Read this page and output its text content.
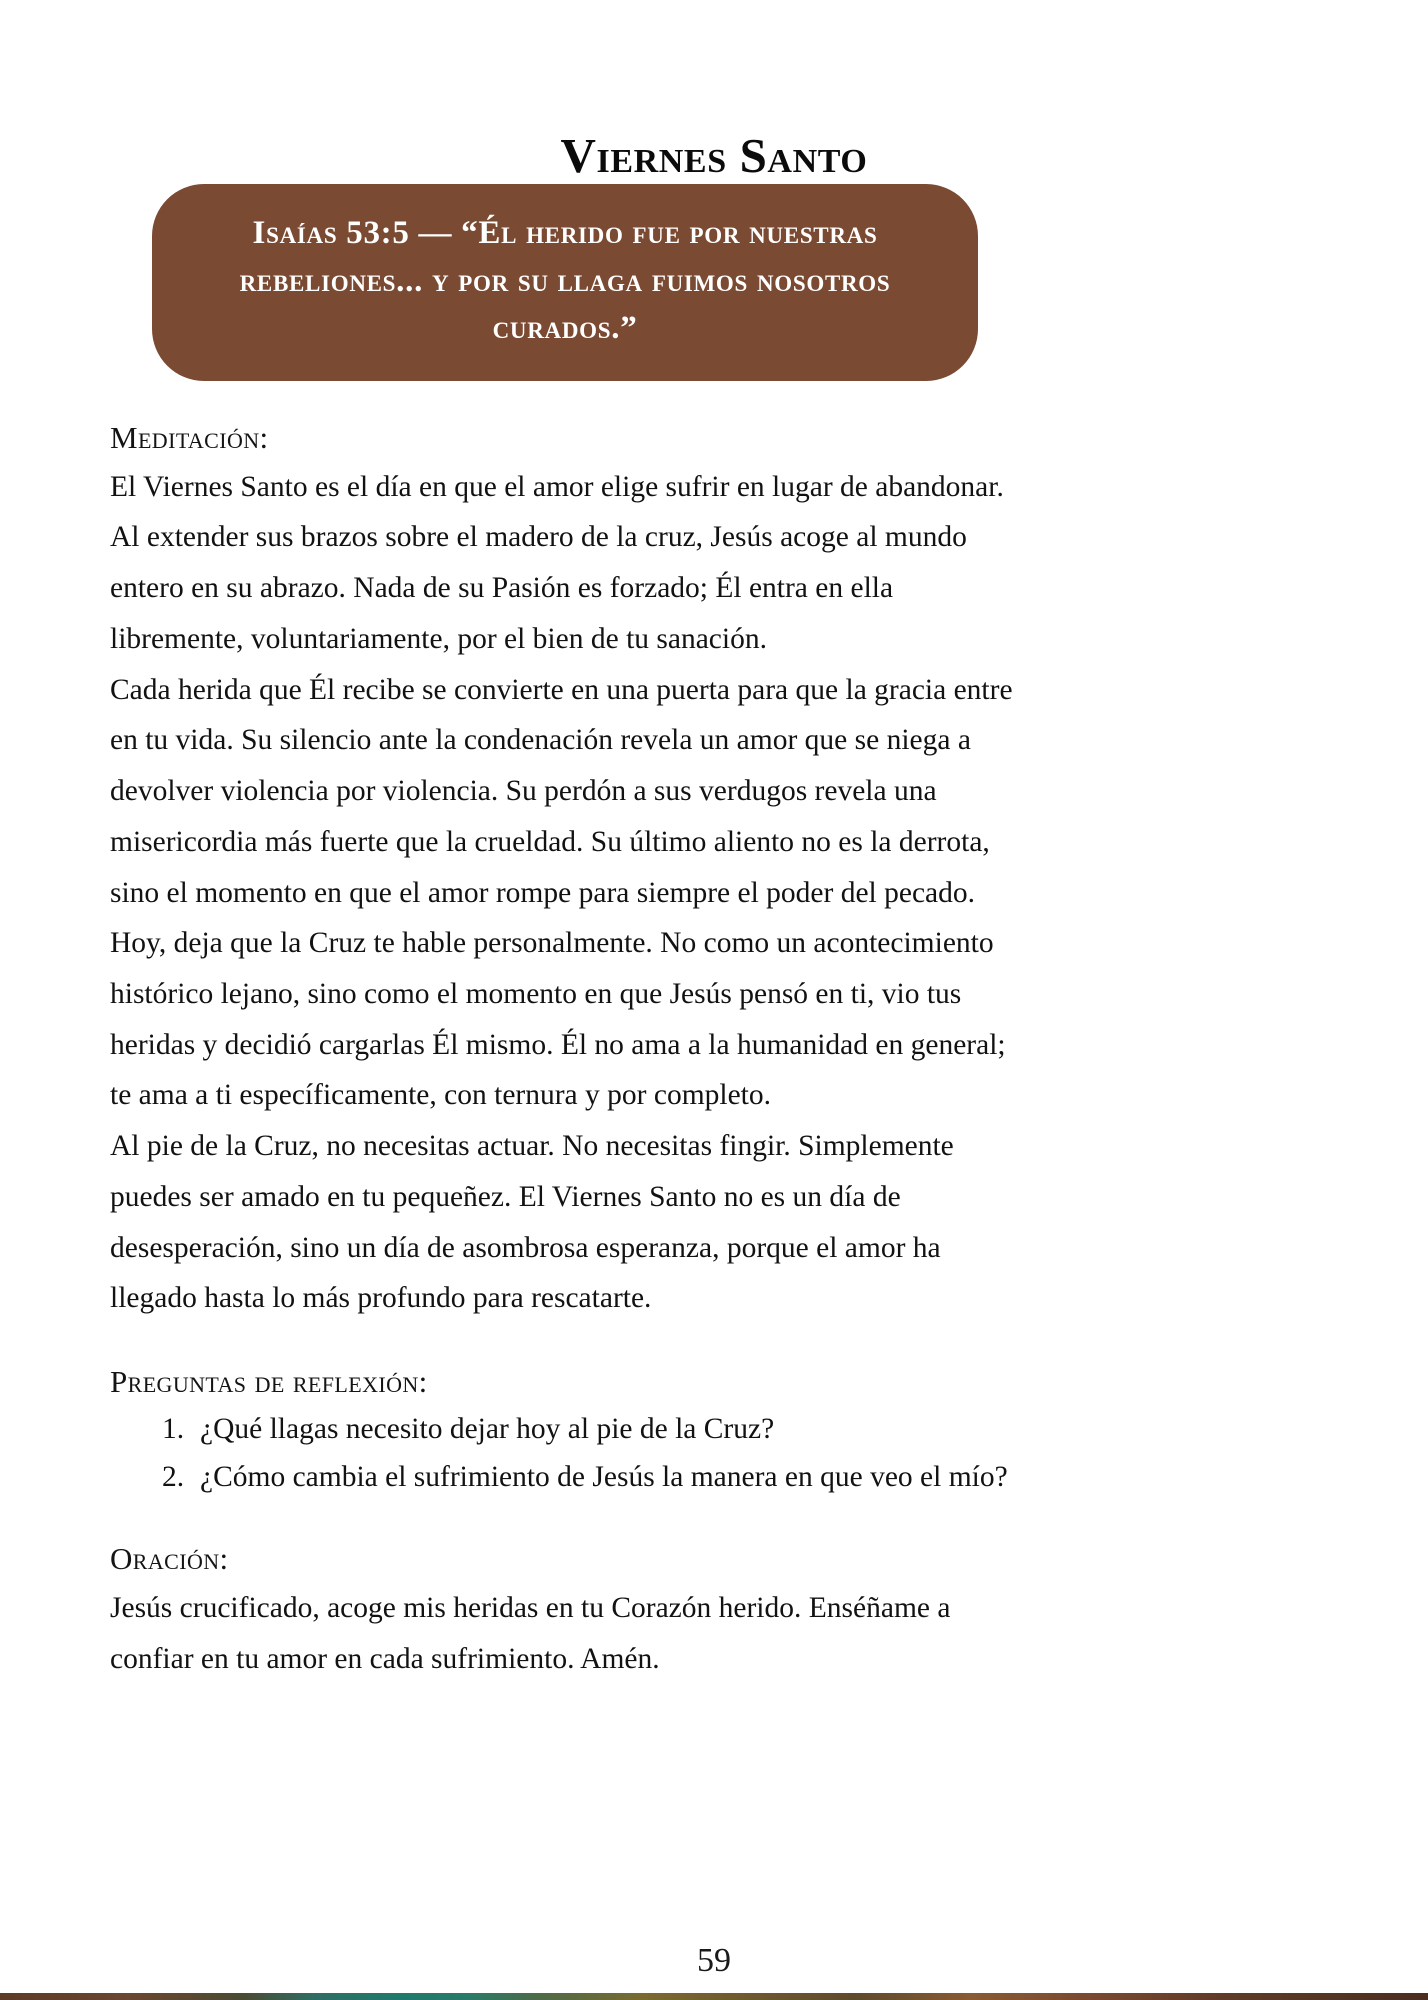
Viernes Santo

Isaías 53:5 — “Él herido fue por nuestras rebeliones... y por su llaga fuimos nosotros curados.”

Meditación:

El Viernes Santo es el día en que el amor elige sufrir en lugar de abandonar. Al extender sus brazos sobre el madero de la cruz, Jesús acoge al mundo entero en su abrazo. Nada de su Pasión es forzado; Él entra en ella libremente, voluntariamente, por el bien de tu sanación.

Cada herida que Él recibe se convierte en una puerta para que la gracia entre en tu vida. Su silencio ante la condenación revela un amor que se niega a devolver violencia por violencia. Su perdón a sus verdugos revela una misericordia más fuerte que la crueldad. Su último aliento no es la derrota, sino el momento en que el amor rompe para siempre el poder del pecado.

Hoy, deja que la Cruz te hable personalmente. No como un acontecimiento histórico lejano, sino como el momento en que Jesús pensó en ti, vio tus heridas y decidió cargarlas Él mismo. Él no ama a la humanidad en general; te ama a ti específicamente, con ternura y por completo.

Al pie de la Cruz, no necesitas actuar. No necesitas fingir. Simplemente puedes ser amado en tu pequeñez. El Viernes Santo no es un día de desesperación, sino un día de asombrosa esperanza, porque el amor ha llegado hasta lo más profundo para rescatarte.

Preguntas de reflexión:
1. ¿Qué llagas necesito dejar hoy al pie de la Cruz?
2. ¿Cómo cambia el sufrimiento de Jesús la manera en que veo el mío?
Oración:

Jesús crucificado, acoge mis heridas en tu Corazón herido. Enséñame a confiar en tu amor en cada sufrimiento. Amén.

59
